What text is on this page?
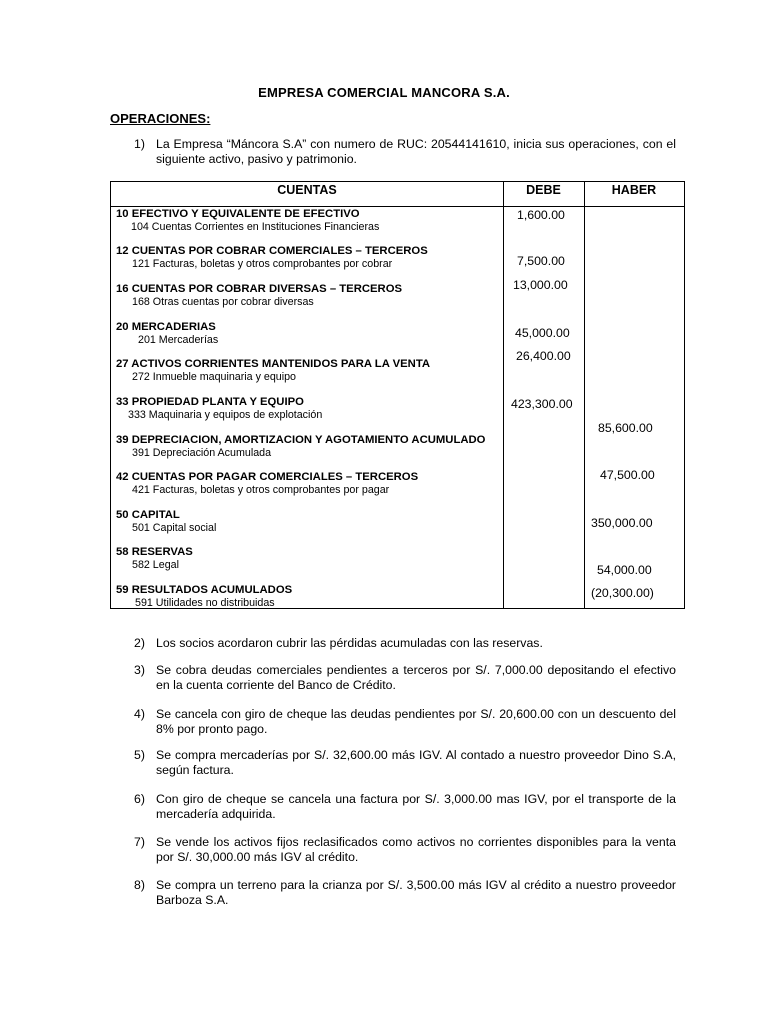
EMPRESA COMERCIAL MANCORA S.A.
OPERACIONES:
1) La Empresa “Máncora S.A” con numero de RUC: 20544141610, inicia sus operaciones, con el siguiente activo, pasivo y patrimonio.
CUENTAS	DEBE	HABER
10 EFECTIVO Y EQUIVALENTE DE EFECTIVO
104 Cuentas Corrientes en Instituciones Financieras
12 CUENTAS POR COBRAR COMERCIALES – TERCEROS
121 Facturas, boletas y otros comprobantes por cobrar
16 CUENTAS POR COBRAR DIVERSAS – TERCEROS
168 Otras cuentas por cobrar diversas
20 MERCADERIAS
201 Mercaderías
27 ACTIVOS CORRIENTES MANTENIDOS PARA LA VENTA
272 Inmueble maquinaria y equipo
33 PROPIEDAD PLANTA Y EQUIPO
333 Maquinaria y equipos de explotación
39 DEPRECIACION, AMORTIZACION Y AGOTAMIENTO ACUMULADO
391 Depreciación Acumulada
42 CUENTAS POR PAGAR COMERCIALES – TERCEROS
421 Facturas, boletas y otros comprobantes por pagar
50 CAPITAL
501 Capital social
58 RESERVAS
582 Legal
59 RESULTADOS ACUMULADOS
591 Utilidades no distribuidas
1,600.00
7,500.00
13,000.00
45,000.00
26,400.00
423,300.00
85,600.00
47,500.00
350,000.00
54,000.00
(20,300.00)
2) Los socios acordaron cubrir las pérdidas acumuladas con las reservas.
3) Se cobra deudas comerciales pendientes a terceros por S/. 7,000.00 depositando el efectivo en la cuenta corriente del Banco de Crédito.
4) Se cancela con giro de cheque las deudas pendientes por S/. 20,600.00 con un descuento del 8% por pronto pago.
5) Se compra mercaderías por S/. 32,600.00 más IGV. Al contado a nuestro proveedor Dino S.A, según factura.
6) Con giro de cheque se cancela una factura por S/. 3,000.00 mas IGV, por el transporte de la mercadería adquirida.
7) Se vende los activos fijos reclasificados como activos no corrientes disponibles para la venta por S/. 30,000.00 más IGV al crédito.
8) Se compra un terreno para la crianza por S/. 3,500.00 más IGV al crédito a nuestro proveedor Barboza S.A.
